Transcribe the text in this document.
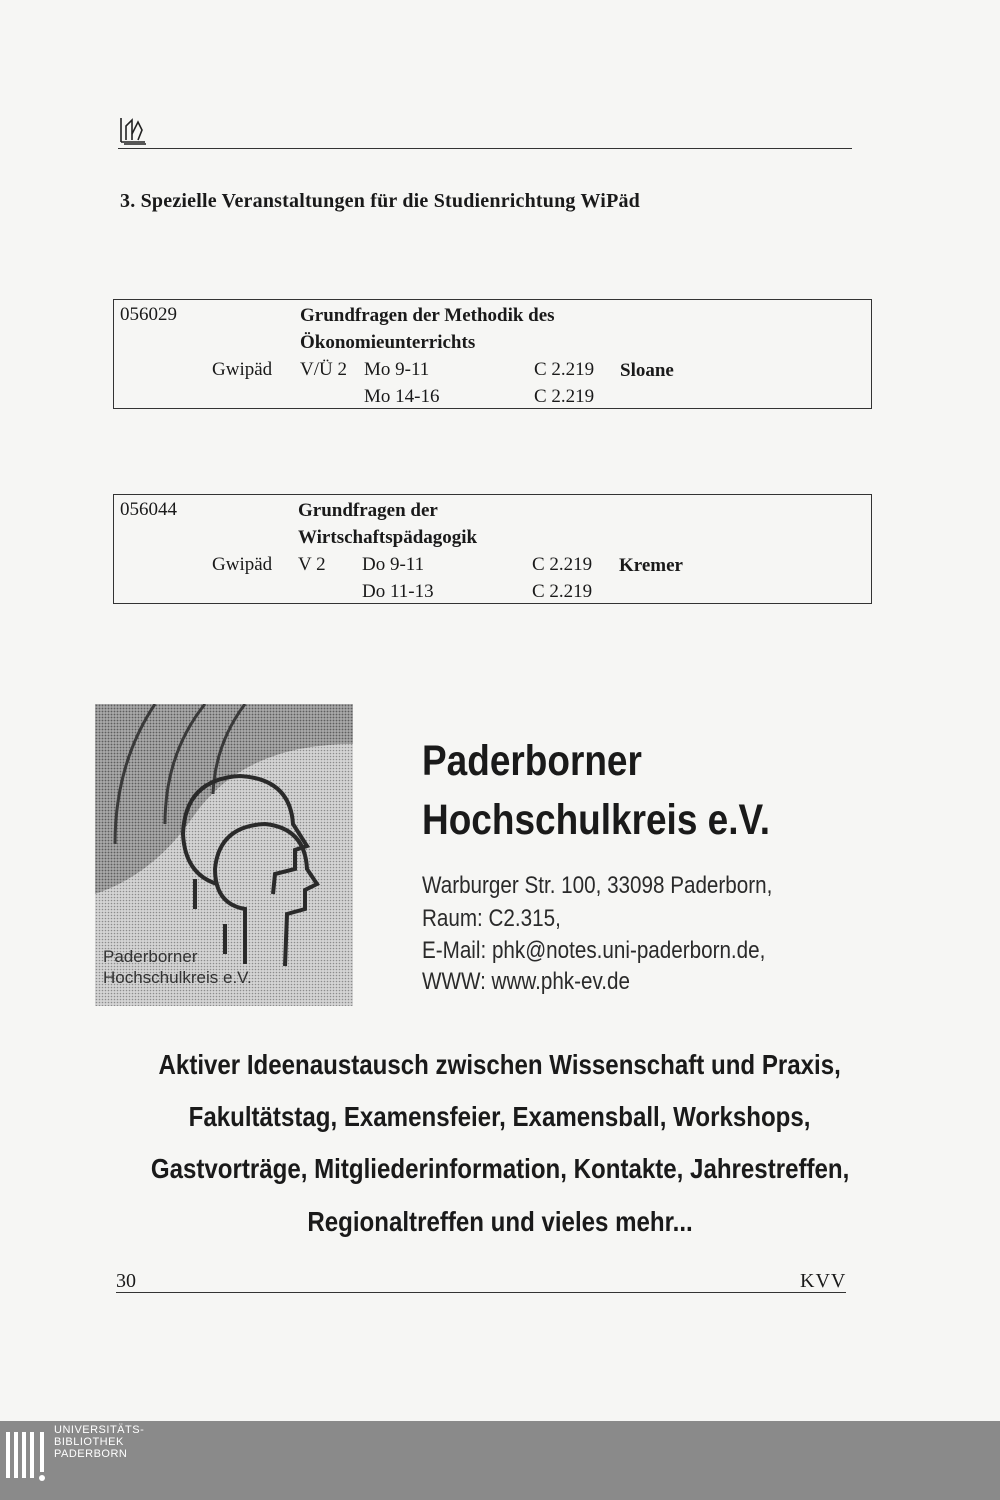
3. Spezielle Veranstaltungen für die Studienrichtung WiPäd
056029	Grundfragen der Methodik des
Ökonomieunterrichts
Gwipäd V/Ü 2 Mo 9-11	C 2.219 Sloane
Mo 14-16	C 2.219
056044	Grundfragen der
Wirtschaftspädagogik
Gwipäd V 2 Do 9-11	C 2.219 Kremer
Do 11-13	C 2.219
Paderborner
Hochschulkreis e.V.
Paderborner
Hochschulkreis e.V.
Warburger Str. 100, 33098 Paderborn,
Raum: C2.315,
E-Mail: phk@notes.uni-paderborn.de,
WWW: www.phk-ev.de
Aktiver Ideenaustausch zwischen Wissenschaft und Praxis,
Fakultätstag, Examensfeier, Examensball, Workshops,
Gastvorträge, Mitgliederinformation, Kontakte, Jahrestreffen,
Regionaltreffen und vieles mehr...
30	KVV
UNIVERSITÄTS-
BIBLIOTHEK
PADERBORN
